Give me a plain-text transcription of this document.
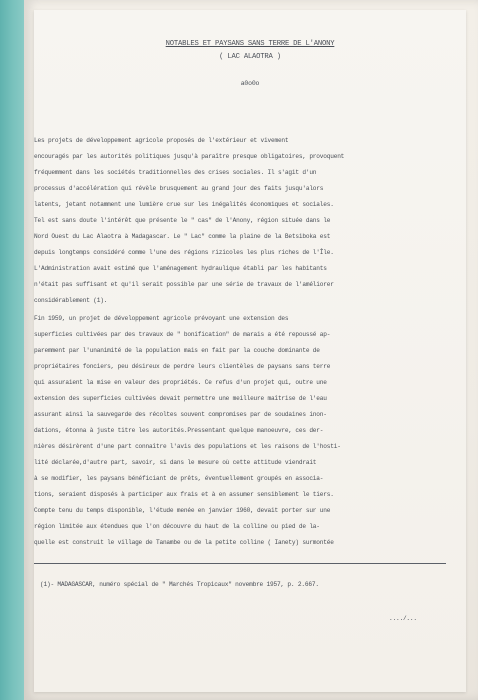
NOTABLES ET PAYSANS SANS TERRE DE L'ANONY
( LAC ALAOTRA )
a0o0o
Les projets de développement agricole proposés de l'extérieur et vivement
encouragés par les autorités politiques jusqu'à paraître presque obligatoires, provoquent
fréquemment dans les sociétés traditionnelles des crises sociales. Il s'agit d'un
processus d'accélération qui révèle brusquement au grand jour des faits jusqu'alors
latents, jetant notamment une lumière crue sur les inégalités économiques et sociales.
Tel est sans doute l'intérêt que présente le " cas" de l'Anony, région située dans le
Nord Ouest du Lac Alaotra à Madagascar. Le " Lac" comme la plaine de la Betsiboka est
depuis longtemps considéré comme l'une des régions rizicoles les plus riches de l'Île.
L'Administration avait estimé que l'aménagement hydraulique établi par les habitants
n'était pas suffisant et qu'il serait possible par une série de travaux de l'améliorer
considérablement (1).
Fin 1959, un projet de développement agricole prévoyant une extension des
superficies cultivées par des travaux de " bonification" de marais a été repoussé ap-
paremment par l'unanimité de la population mais en fait par la couche dominante de
propriétaires fonciers, peu désireux de perdre leurs clientèles de paysans sans terre
qui assuraient la mise en valeur des propriétés. Ce refus d'un projet qui, outre une
extension des superficies cultivées devait permettre une meilleure maîtrise de l'eau
assurant ainsi la sauvegarde des récoltes souvent compromises par de soudaines inon-
dations, étonna à juste titre les autorités.Pressentant quelque manoeuvre, ces der-
nières désirèrent d'une part connaître l'avis des populations et les raisons de l'hosti-
lité déclarée,d'autre part, savoir, si dans le mesure où cette attitude viendrait
à se modifier, les paysans bénéficiant de prêts, éventuellement groupés en associa-
tions, seraient disposés à participer aux frais et à en assumer sensiblement le tiers.
Compte tenu du temps disponible, l'étude menée en janvier 1960, devait porter sur une
région limitée aux étendues que l'on découvre du haut de la colline ou pied de la-
quelle est construit le village de Tanambe ou de la petite colline ( Ianety) surmontée
(1)- MADAGASCAR, numéro spécial de " Marchés Tropicaux" novembre 1957, p. 2.667.
..../...
